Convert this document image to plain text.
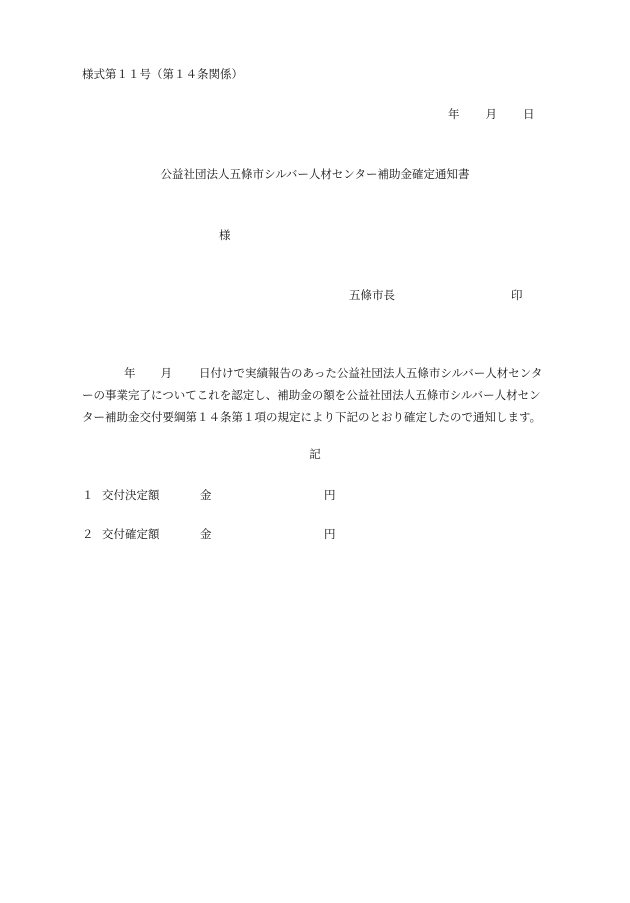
様式第１１号（第１４条関係）
年 月 日
公益社団法人五條市シルバー人材センター補助金確定通知書
様
五條市長	印
年 月 日付けで実績報告のあった公益社団法人五條市シルバー人材センタ
ーの事業完了についてこれを認定し、補助金の額を公益社団法人五條市シルバー人材セン
ター補助金交付要綱第１４条第１項の規定により下記のとおり確定したので通知します。
記
１ 交付決定額	金	円
２ 交付確定額	金	円
